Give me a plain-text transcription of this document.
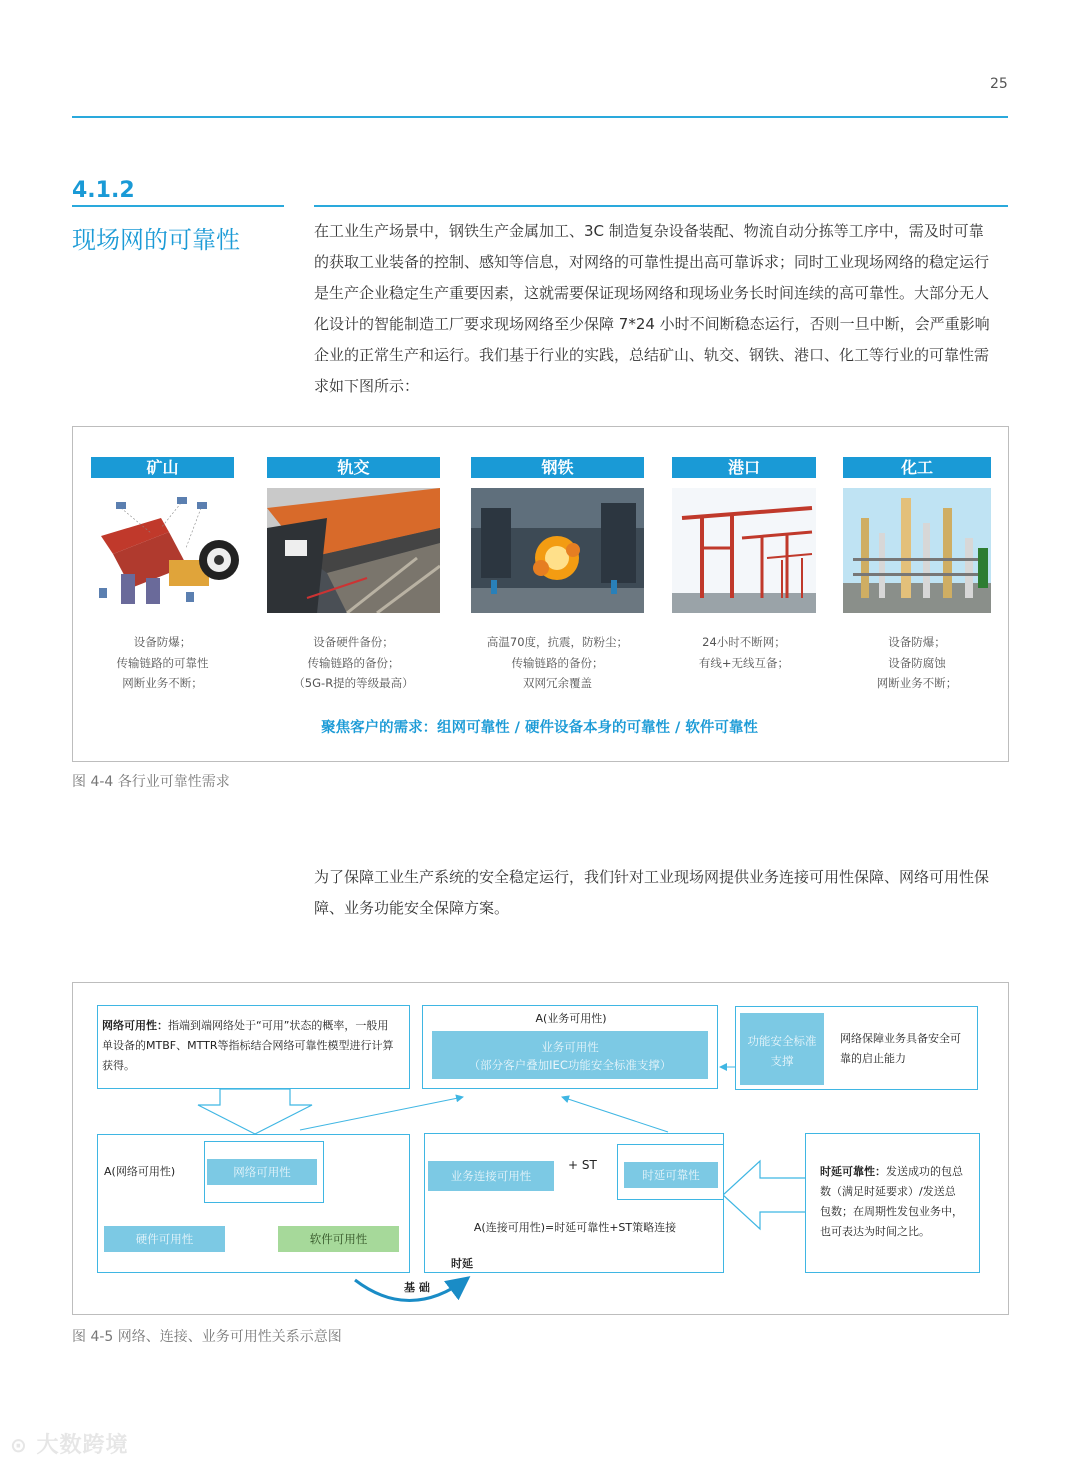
25
4.1.2
现场网的可靠性	在工业生产场景中，钢铁生产金属加工、3C 制造复杂设备装配、物流自动分拣等工序中，需及时可靠
的获取工业装备的控制、感知等信息，对网络的可靠性提出高可靠诉求；同时工业现场网络的稳定运行
是生产企业稳定生产重要因素，这就需要保证现场网络和现场业务长时间连续的高可靠性。大部分无人
化设计的智能制造工厂要求现场网络至少保障 7*24 小时不间断稳态运行，否则一旦中断，会严重影响
企业的正常生产和运行。我们基于行业的实践，总结矿山、轨交、钢铁、港口、化工等行业的可靠性需
求如下图所示：
矿山
设备防爆；
传输链路的可靠性
网断业务不断；
轨交
设备硬件备份；
传输链路的备份；
（5G-R提的等级最高）
钢铁
高温70度，抗震，防粉尘；
传输链路的备份；
双网冗余覆盖
港口
24小时不断网；
有线+无线互备；
化工
设备防爆；
设备防腐蚀
网断业务不断；
聚焦客户的需求：组网可靠性 / 硬件设备本身的可靠性 / 软件可靠性
图 4-4 各行业可靠性需求
为了保障工业生产系统的安全稳定运行，我们针对工业现场网提供业务连接可用性保障、网络可用性保
障、业务功能安全保障方案。
网络可用性：指端到端网络处于“可用”状态的概率，一般用
单设备的MTBF、MTTR等指标结合网络可靠性模型进行计算
获得。
A(业务可用性)
业务可用性
（部分客户叠加IEC功能安全标准支撑）
功能安全标准
支撑
网络保障业务具备安全可
靠的启止能力
A(网络可用性)	网络可用性
硬件可用性	软件可用性
业务连接可用性
+ ST
时延可靠性
A(连接可用性)=时延可靠性+ST策略连接
时延
基 础
时延可靠性：发送成功的包总
数（满足时延要求）/发送总
包数；在周期性发包业务中，
也可表达为时间之比。
图 4-5 网络、连接、业务可用性关系示意图
⊙ 大数跨境
